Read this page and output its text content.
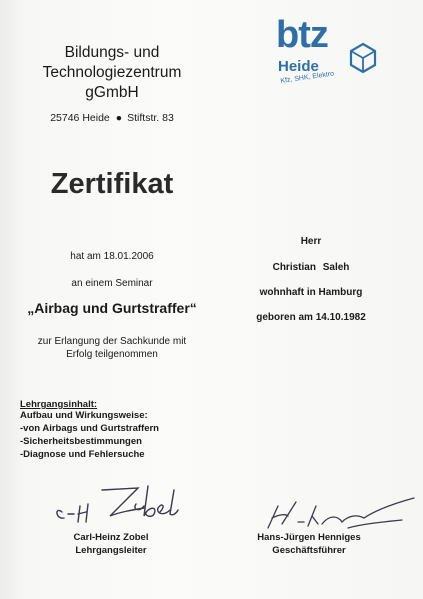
Bildungs- und
Technologiezentrum
gGmbH
25746 Heide ● Stiftstr. 83
btz
Heide
Kfz, SHK, Elektro
Zertifikat
hat am 18.01.2006
an einem Seminar
„Airbag und Gurtstraffer“
zur Erlangung der Sachkunde mit
Erfolg teilgenommen
Herr
Christian Saleh
wohnhaft in Hamburg
geboren am 14.10.1982
Lehrgangsinhalt:
Aufbau und Wirkungsweise:
-von Airbags und Gurtstraffern
-Sicherheitsbestimmungen
-Diagnose und Fehlersuche
Carl-Heinz Zobel
Lehrgangsleiter
Hans-Jürgen Henniges
Geschäftsführer
